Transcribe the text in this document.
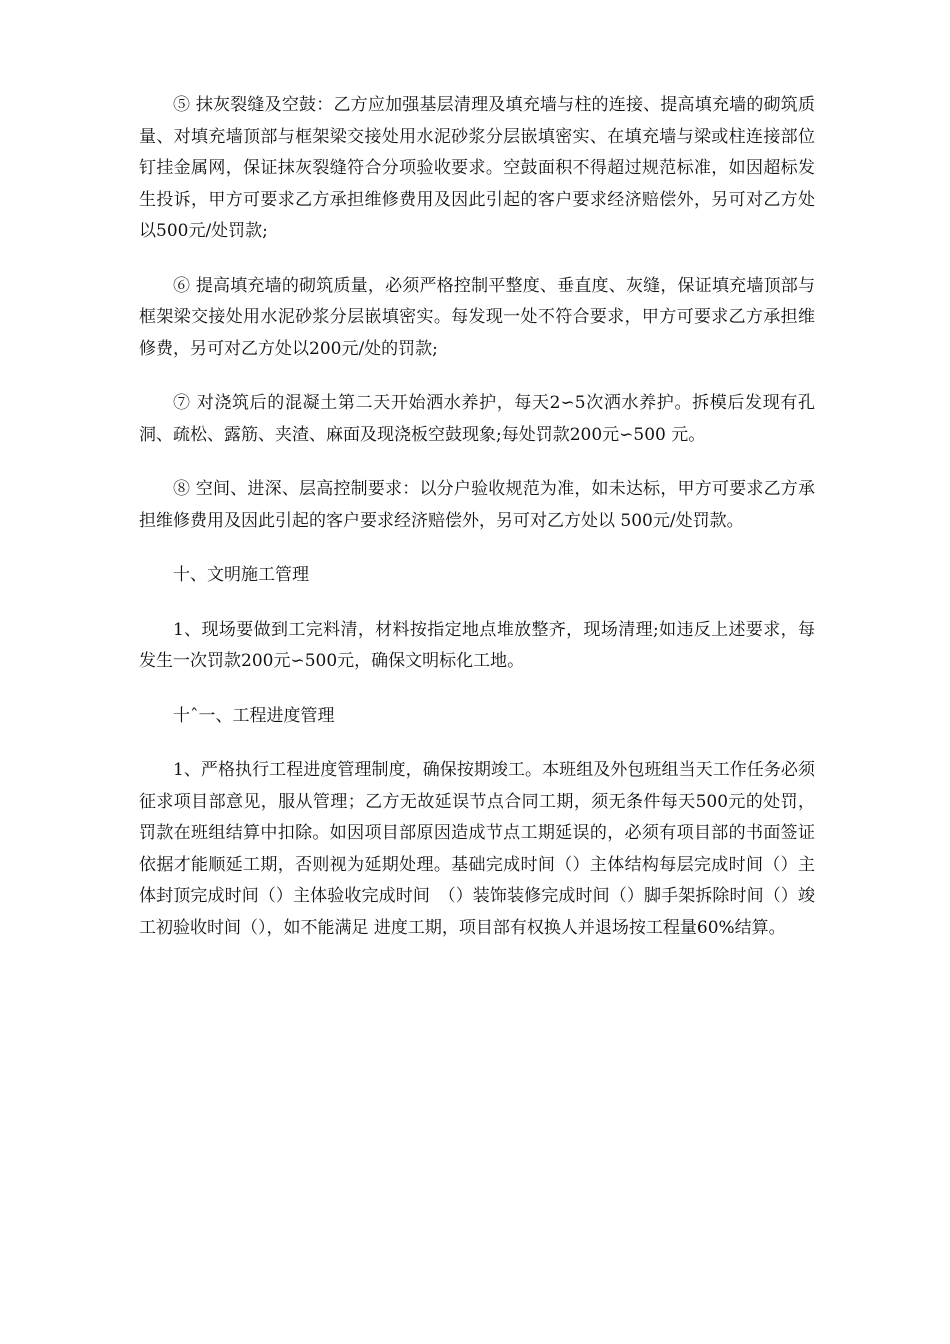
⑤ 抹灰裂缝及空鼓：乙方应加强基层清理及填充墙与柱的连接、提高填充墙的砌筑质量、对填充墙顶部与框架梁交接处用水泥砂浆分层嵌填密实、在填充墙与梁或柱连接部位钉挂金属网，保证抹灰裂缝符合分项验收要求。空鼓面积不得超过规范标准，如因超标发生投诉，甲方可要求乙方承担维修费用及因此引起的客户要求经济赔偿外，另可对乙方处以500元/处罚款;

⑥ 提高填充墙的砌筑质量，必须严格控制平整度、垂直度、灰缝，保证填充墙顶部与框架梁交接处用水泥砂浆分层嵌填密实。每发现一处不符合要求，甲方可要求乙方承担维修费，另可对乙方处以200元/处的罚款;

⑦ 对浇筑后的混凝土第二天开始洒水养护，每天2∽5次洒水养护。拆模后发现有孔洞、疏松、露筋、夹渣、麻面及现浇板空鼓现象;每处罚款200元∽500 元。

⑧ 空间、进深、层高控制要求：以分户验收规范为准，如未达标，甲方可要求乙方承担维修费用及因此引起的客户要求经济赔偿外，另可对乙方处以 500元/处罚款。

十、文明施工管理

1、现场要做到工完料清，材料按指定地点堆放整齐，现场清理;如违反上述要求，每发生一次罚款200元∽500元，确保文明标化工地。

十ˆ一、工程进度管理

1、严格执行工程进度管理制度，确保按期竣工。本班组及外包班组当天工作任务必须征求项目部意见，服从管理；乙方无故延误节点合同工期，须无条件每天500元的处罚，罚款在班组结算中扣除。如因项目部原因造成节点工期延误的，必须有项目部的书面签证依据才能顺延工期，否则视为延期处理。基础完成时间（）主体结构每层完成时间（）主体封顶完成时间（）主体验收完成时间　（）装饰装修完成时间（）脚手架拆除时间（）竣工初验收时间（），如不能满足 进度工期，项目部有权换人并退场按工程量60%结算。
